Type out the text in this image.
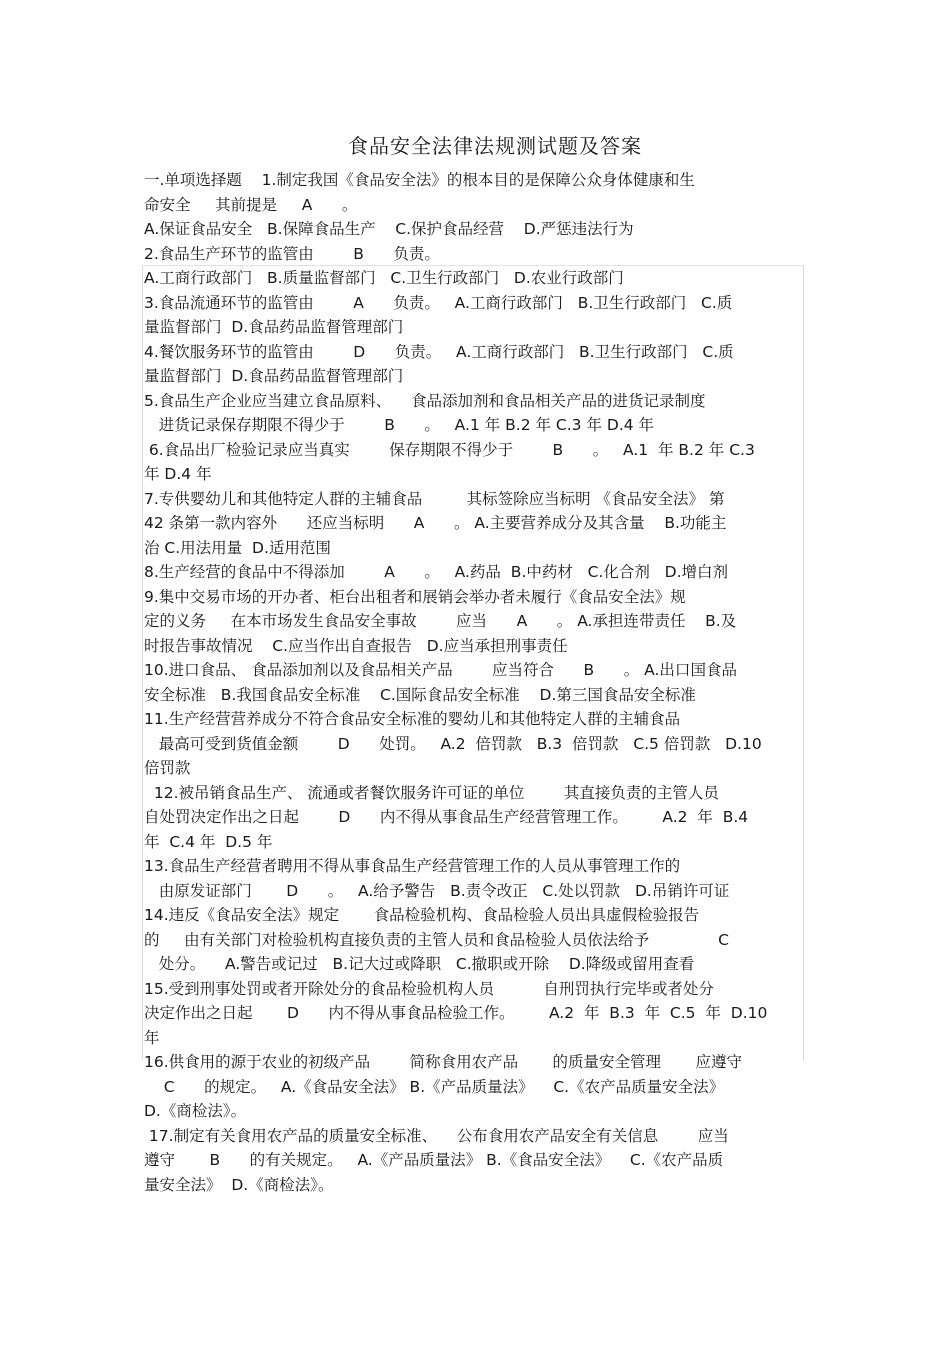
食品安全法律法规测试题及答案
一.单项选择题    1.制定我国《食品安全法》的根本目的是保障公众身体健康和生
命安全     其前提是     A      。
A.保证食品安全   B.保障食品生产    C.保护食品经营    D.严惩违法行为
2.食品生产环节的监管由        B      负责。
A.工商行政部门   B.质量监督部门   C.卫生行政部门   D.农业行政部门
3.食品流通环节的监管由        A      负责。   A.工商行政部门   B.卫生行政部门   C.质
量监督部门  D.食品药品监督管理部门
4.餐饮服务环节的监管由        D      负责。   A.工商行政部门   B.卫生行政部门   C.质
量监督部门  D.食品药品监督管理部门
5.食品生产企业应当建立食品原料、    食品添加剂和食品相关产品的进货记录制度
进货记录保存期限不得少于        B      。   A.1 年 B.2 年 C.3 年 D.4 年
6.食品出厂检验记录应当真实        保存期限不得少于        B      。   A.1  年 B.2 年 C.3
年 D.4 年
7.专供婴幼儿和其他特定人群的主辅食品         其标签除应当标明 《食品安全法》 第
42 条第一款内容外      还应当标明      A      。 A.主要营养成分及其含量    B.功能主
治 C.用法用量  D.适用范围
8.生产经营的食品中不得添加        A      。   A.药品  B.中药材   C.化合剂   D.增白剂
9.集中交易市场的开办者、柜台出租者和展销会举办者未履行《食品安全法》规
定的义务     在本市场发生食品安全事故        应当      A      。 A.承担连带责任    B.及
时报告事故情况    C.应当作出自查报告   D.应当承担刑事责任
10.进口食品、 食品添加剂以及食品相关产品        应当符合      B      。 A.出口国食品
安全标准   B.我国食品安全标准    C.国际食品安全标准    D.第三国食品安全标准
11.生产经营营养成分不符合食品安全标准的婴幼儿和其他特定人群的主辅食品
最高可受到货值金额        D      处罚。   A.2  倍罚款   B.3  倍罚款   C.5 倍罚款   D.10
倍罚款
12.被吊销食品生产、 流通或者餐饮服务许可证的单位        其直接负责的主管人员
自处罚决定作出之日起        D      内不得从事食品生产经营管理工作。       A.2  年  B.4
年  C.4 年  D.5 年
13.食品生产经营者聘用不得从事食品生产经营管理工作的人员从事管理工作的
由原发证部门       D      。   A.给予警告   B.责令改正   C.处以罚款   D.吊销许可证
14.违反《食品安全法》规定       食品检验机构、食品检验人员出具虚假检验报告
的     由有关部门对检验机构直接负责的主管人员和食品检验人员依法给予              C
处分。    A.警告或记过   B.记大过或降职   C.撤职或开除    D.降级或留用查看
15.受到刑事处罚或者开除处分的食品检验机构人员          自刑罚执行完毕或者处分
决定作出之日起       D      内不得从事食品检验工作。       A.2  年  B.3  年  C.5  年  D.10
年
16.供食用的源于农业的初级产品        简称食用农产品       的质量安全管理       应遵守
C      的规定。   A.《食品安全法》 B.《产品质量法》    C.《农产品质量安全法》
D.《商检法》。
17.制定有关食用农产品的质量安全标准、    公布食用农产品安全有关信息        应当
遵守       B      的有关规定。   A.《产品质量法》 B.《食品安全法》    C.《农产品质
量安全法》  D.《商检法》。
